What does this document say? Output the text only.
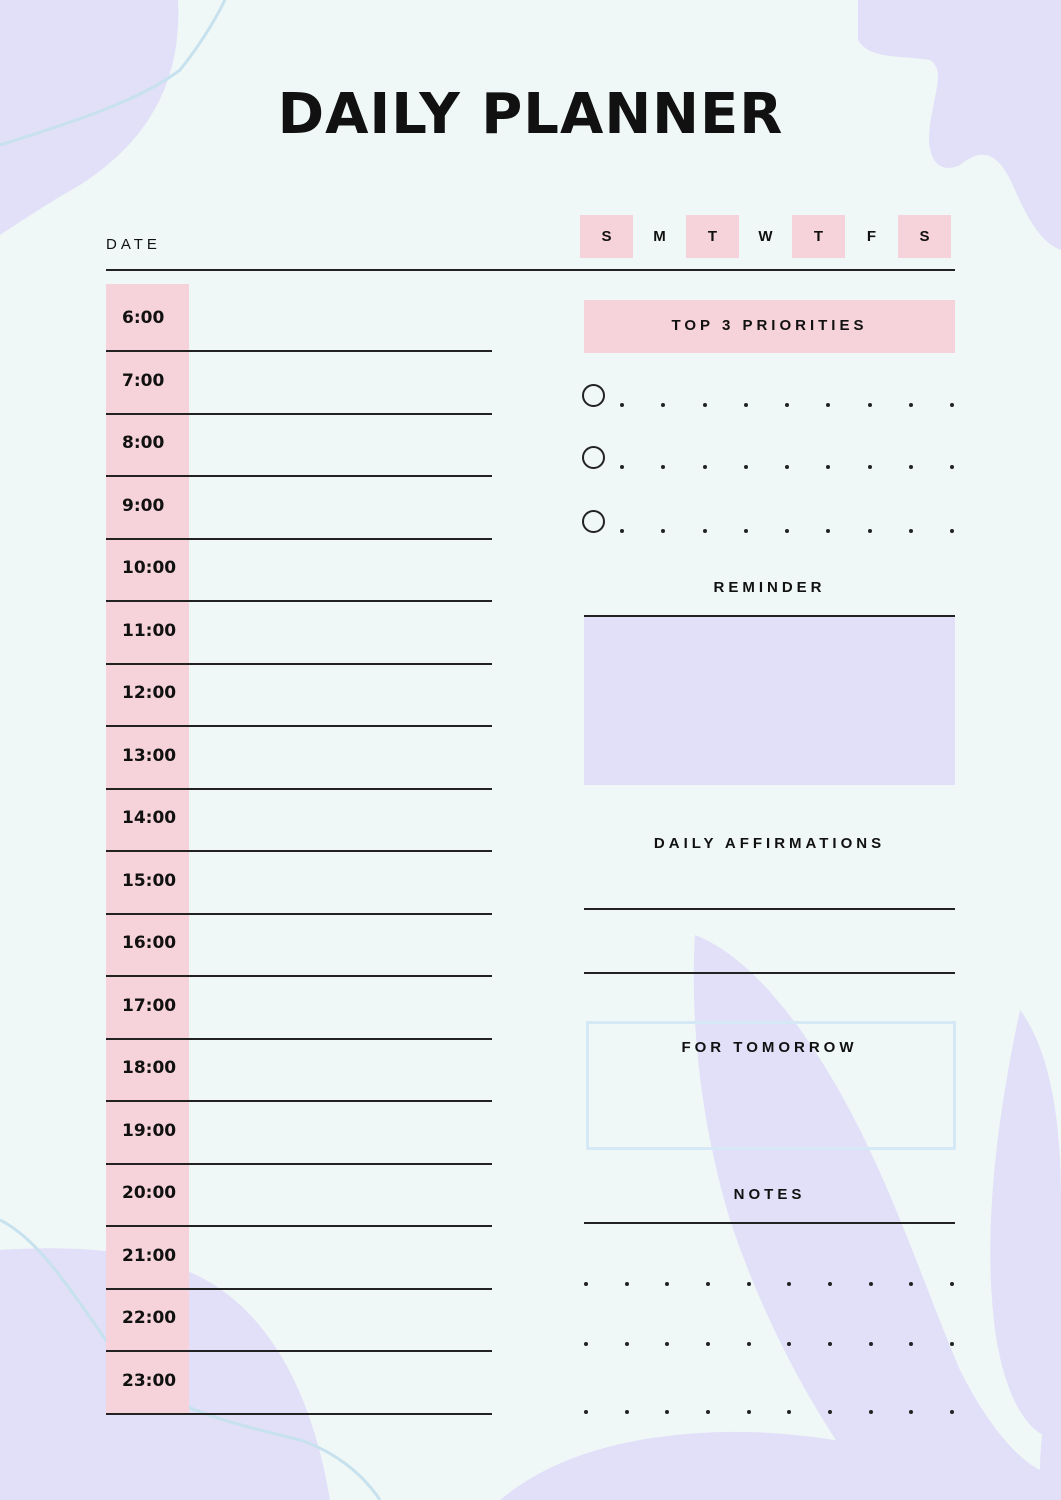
DAILY PLANNER
DATE	S	M	T	W	T	F	S
6:00
7:00
8:00
9:00
10:00
11:00
12:00
13:00
14:00
15:00
16:00
17:00
18:00
19:00
20:00
21:00
22:00
23:00
TOP 3 PRIORITIES
REMINDER
DAILY AFFIRMATIONS
FOR TOMORROW
NOTES
